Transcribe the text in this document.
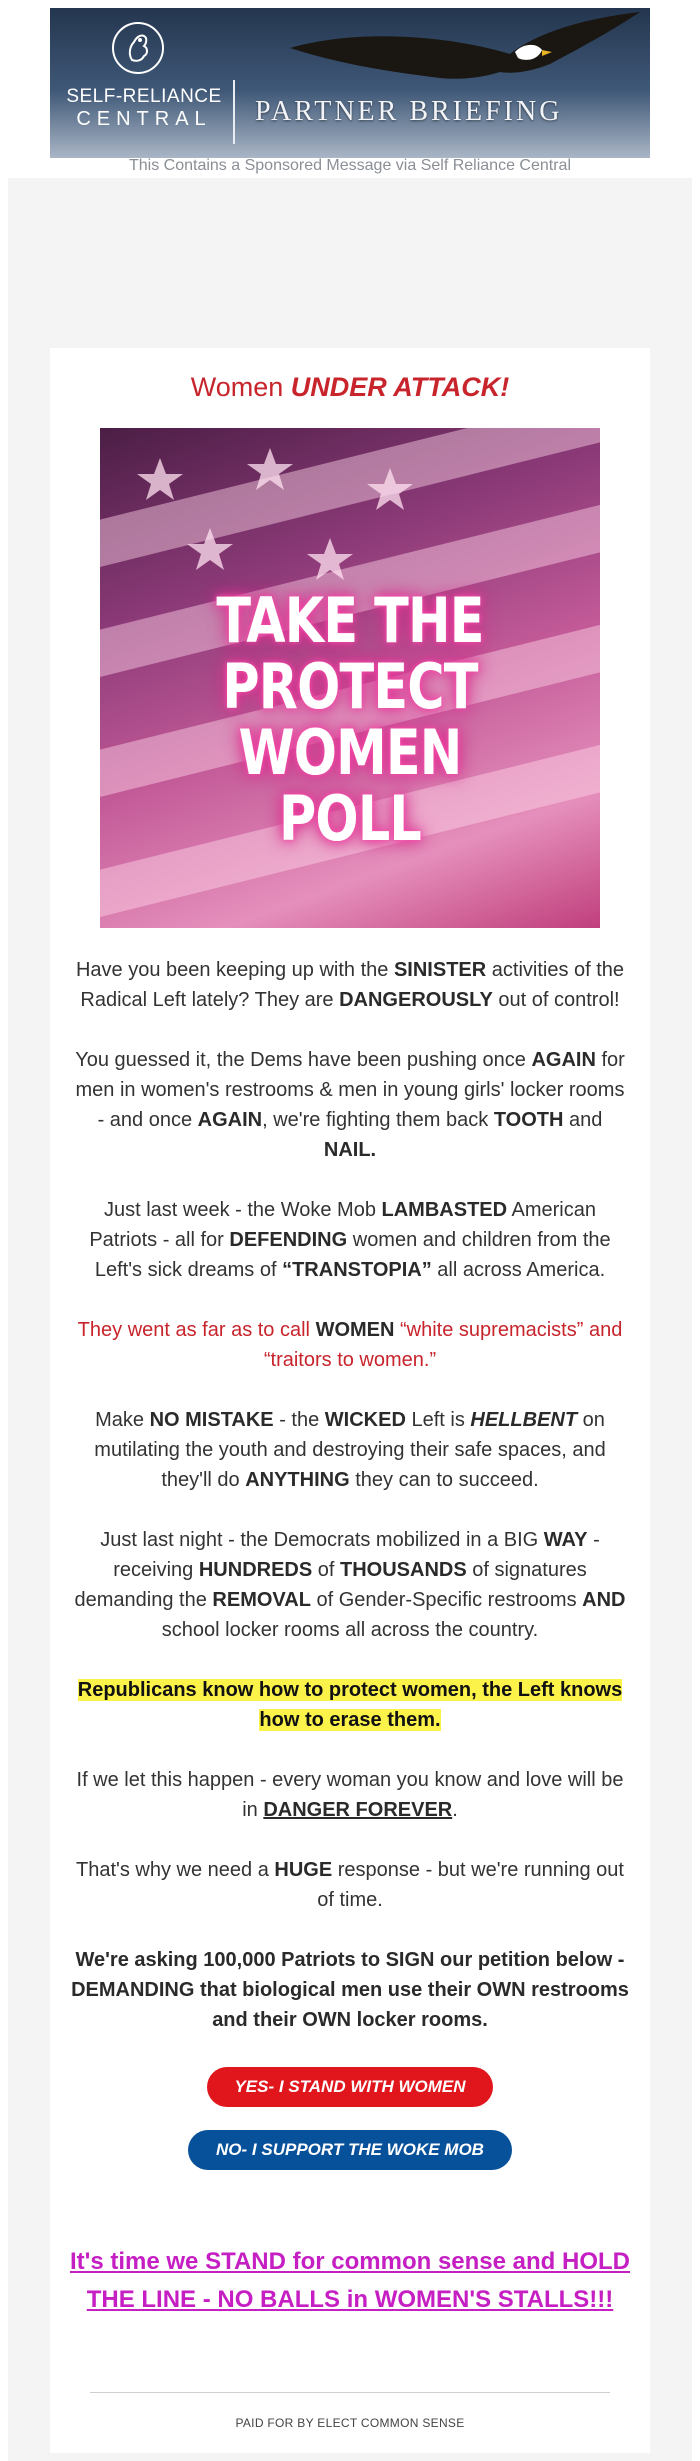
SELF-RELIANCE
CENTRAL	PARTNER BRIEFING
This Contains a Sponsored Message via Self Reliance Central
Women UNDER ATTACK!
TAKE THE
PROTECT WOMEN
POLL
Have you been keeping up with the SINISTER activities of the Radical Left lately? They are DANGEROUSLY out of control!
You guessed it, the Dems have been pushing once AGAIN for men in women's restrooms & men in young girls' locker rooms - and once AGAIN, we're fighting them back TOOTH and NAIL.
Just last week - the Woke Mob LAMBASTED American Patriots - all for DEFENDING women and children from the Left's sick dreams of “TRANSTOPIA” all across America.
They went as far as to call WOMEN “white supremacists” and “traitors to women.”
Make NO MISTAKE - the WICKED Left is HELLBENT on mutilating the youth and destroying their safe spaces, and they'll do ANYTHING they can to succeed.
Just last night - the Democrats mobilized in a BIG WAY - receiving HUNDREDS of THOUSANDS of signatures demanding the REMOVAL of Gender-Specific restrooms AND school locker rooms all across the country.
Republicans know how to protect women, the Left knows how to erase them.
If we let this happen - every woman you know and love will be in DANGER FOREVER.
That's why we need a HUGE response - but we're running out of time.
We're asking 100,000 Patriots to SIGN our petition below - DEMANDING that biological men use their OWN restrooms and their OWN locker rooms.
YES- I STAND WITH WOMEN
NO- I SUPPORT THE WOKE MOB
It's time we STAND for common sense and HOLD THE LINE - NO BALLS in WOMEN'S STALLS!!!
PAID FOR BY ELECT COMMON SENSE
